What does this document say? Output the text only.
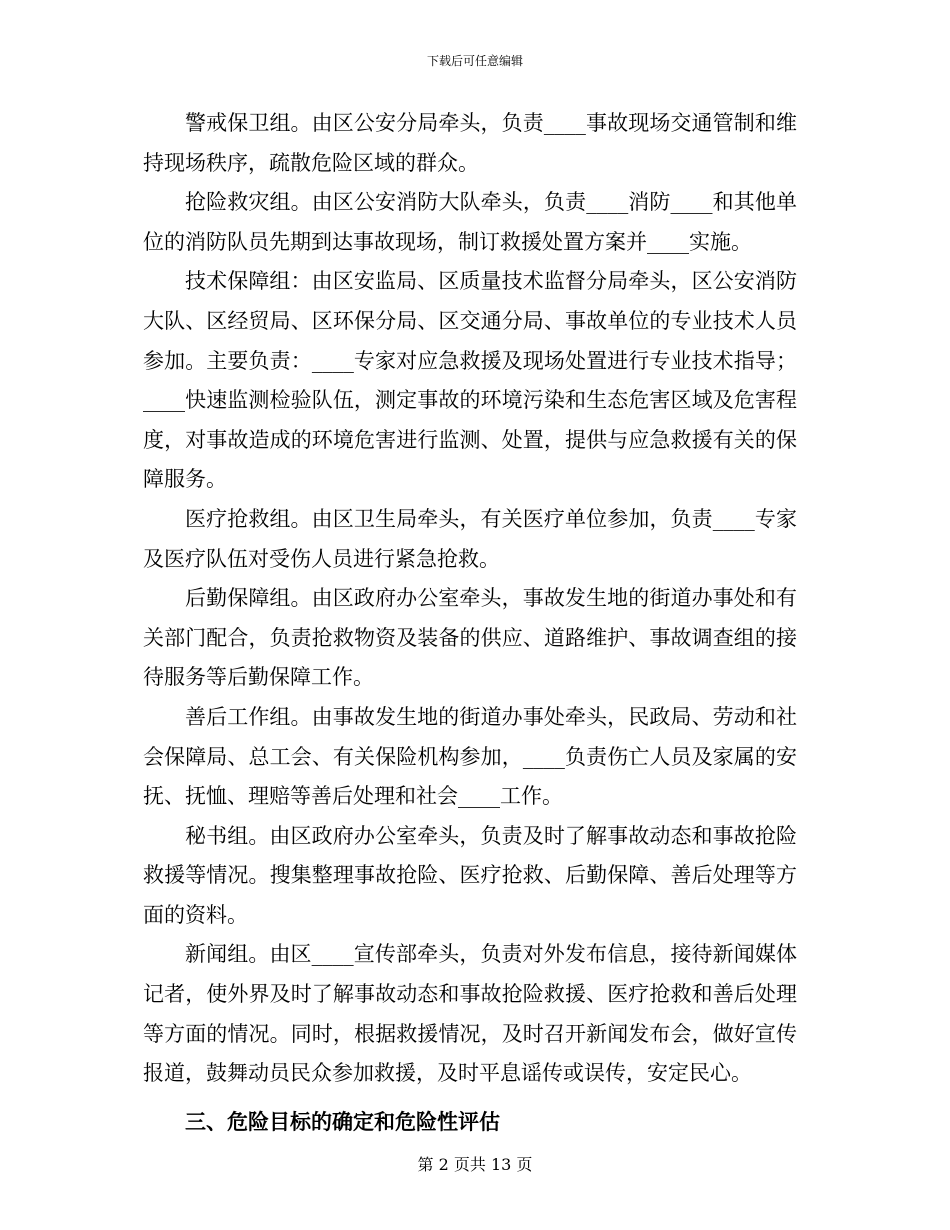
下载后可任意编辑

警戒保卫组。由区公安分局牵头，负责____事故现场交通管制和维持现场秩序，疏散危险区域的群众。

抢险救灾组。由区公安消防大队牵头，负责____消防____和其他单位的消防队员先期到达事故现场，制订救援处置方案并____实施。

技术保障组：由区安监局、区质量技术监督分局牵头，区公安消防大队、区经贸局、区环保分局、区交通分局、事故单位的专业技术人员参加。主要负责：____专家对应急救援及现场处置进行专业技术指导；____快速监测检验队伍，测定事故的环境污染和生态危害区域及危害程度，对事故造成的环境危害进行监测、处置，提供与应急救援有关的保障服务。

医疗抢救组。由区卫生局牵头，有关医疗单位参加，负责____专家及医疗队伍对受伤人员进行紧急抢救。

后勤保障组。由区政府办公室牵头，事故发生地的街道办事处和有关部门配合，负责抢救物资及装备的供应、道路维护、事故调查组的接待服务等后勤保障工作。

善后工作组。由事故发生地的街道办事处牵头，民政局、劳动和社会保障局、总工会、有关保险机构参加，____负责伤亡人员及家属的安抚、抚恤、理赔等善后处理和社会____工作。

秘书组。由区政府办公室牵头，负责及时了解事故动态和事故抢险救援等情况。搜集整理事故抢险、医疗抢救、后勤保障、善后处理等方面的资料。

新闻组。由区____宣传部牵头，负责对外发布信息，接待新闻媒体记者，使外界及时了解事故动态和事故抢险救援、医疗抢救和善后处理等方面的情况。同时，根据救援情况，及时召开新闻发布会，做好宣传报道，鼓舞动员民众参加救援，及时平息谣传或误传，安定民心。

三、危险目标的确定和危险性评估

第 2 页共 13 页
